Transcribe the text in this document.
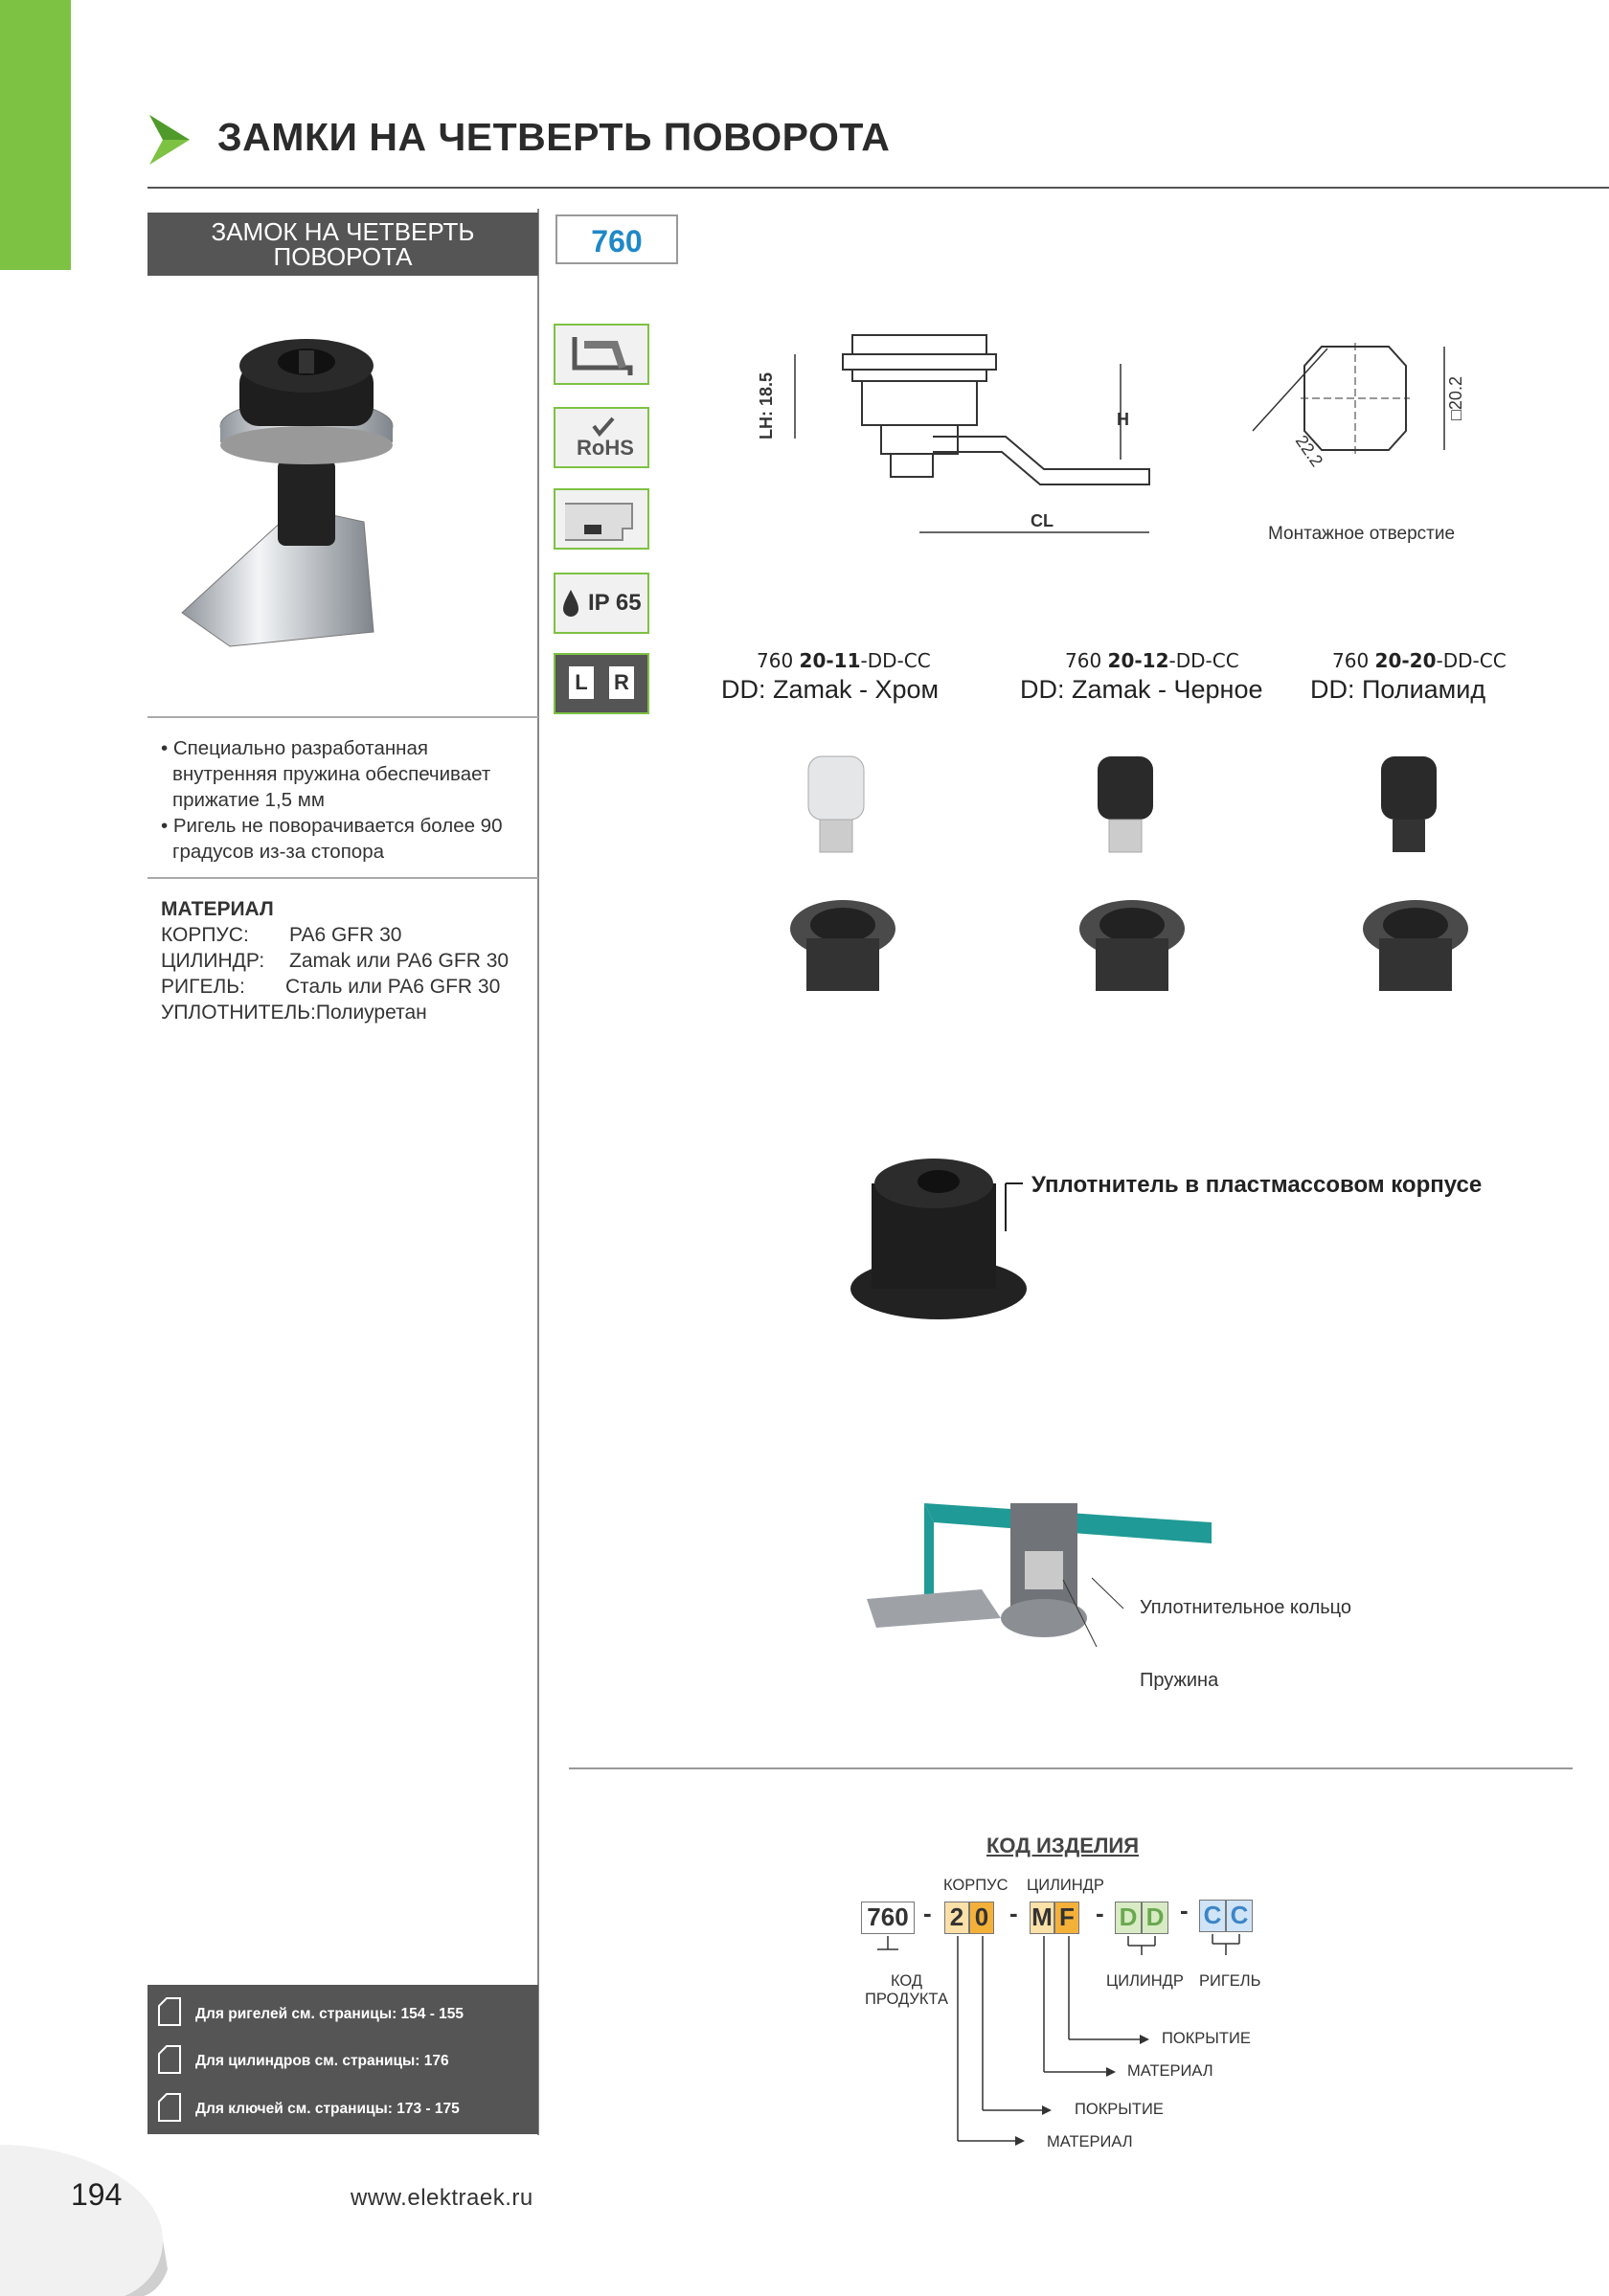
ЗАМКИ НА ЧЕТВЕРТЬ ПОВОРОТА
ЗАМОК НА ЧЕТВЕРТЬ
ПОВОРОТА	760
RoHS
IP 65
L R
• Специально разработанная
внутренняя пружина обеспечивает
прижатие 1,5 мм
• Ригель не поворачивается более 90
градусов из-за стопора
МАТЕРИАЛ
КОРПУС: PA6 GFR 30
ЦИЛИНДР: Zamak или PA6 GFR 30
РИГЕЛЬ: Сталь или PA6 GFR 30
УПЛОТНИТЕЛЬ:Полиуретан
LH: 18.5	H
CL
□20.2
22.2
Монтажное отверстие
760 20-11-DD-CC
DD: Zamak - Хром
760 20-12-DD-CC
DD: Zamak - Черное
760 20-20-DD-CC
DD: Полиамид
Уплотнитель в пластмассовом корпусе
Уплотнительное кольцо
Пружина
КОД ИЗДЕЛИЯ
КОРПУС ЦИЛИНДР
760 - 2 0 - M F - D D - C C
КОД
ПРОДУКТА
ЦИЛИНДР РИГЕЛЬ
ПОКРЫТИЕ
МАТЕРИАЛ
ПОКРЫТИЕ
МАТЕРИАЛ
Для ригелей см. страницы: 154 - 155
Для цилиндров см. страницы: 176
Для ключей см. страницы: 173 - 175
194	www.elektraek.ru
